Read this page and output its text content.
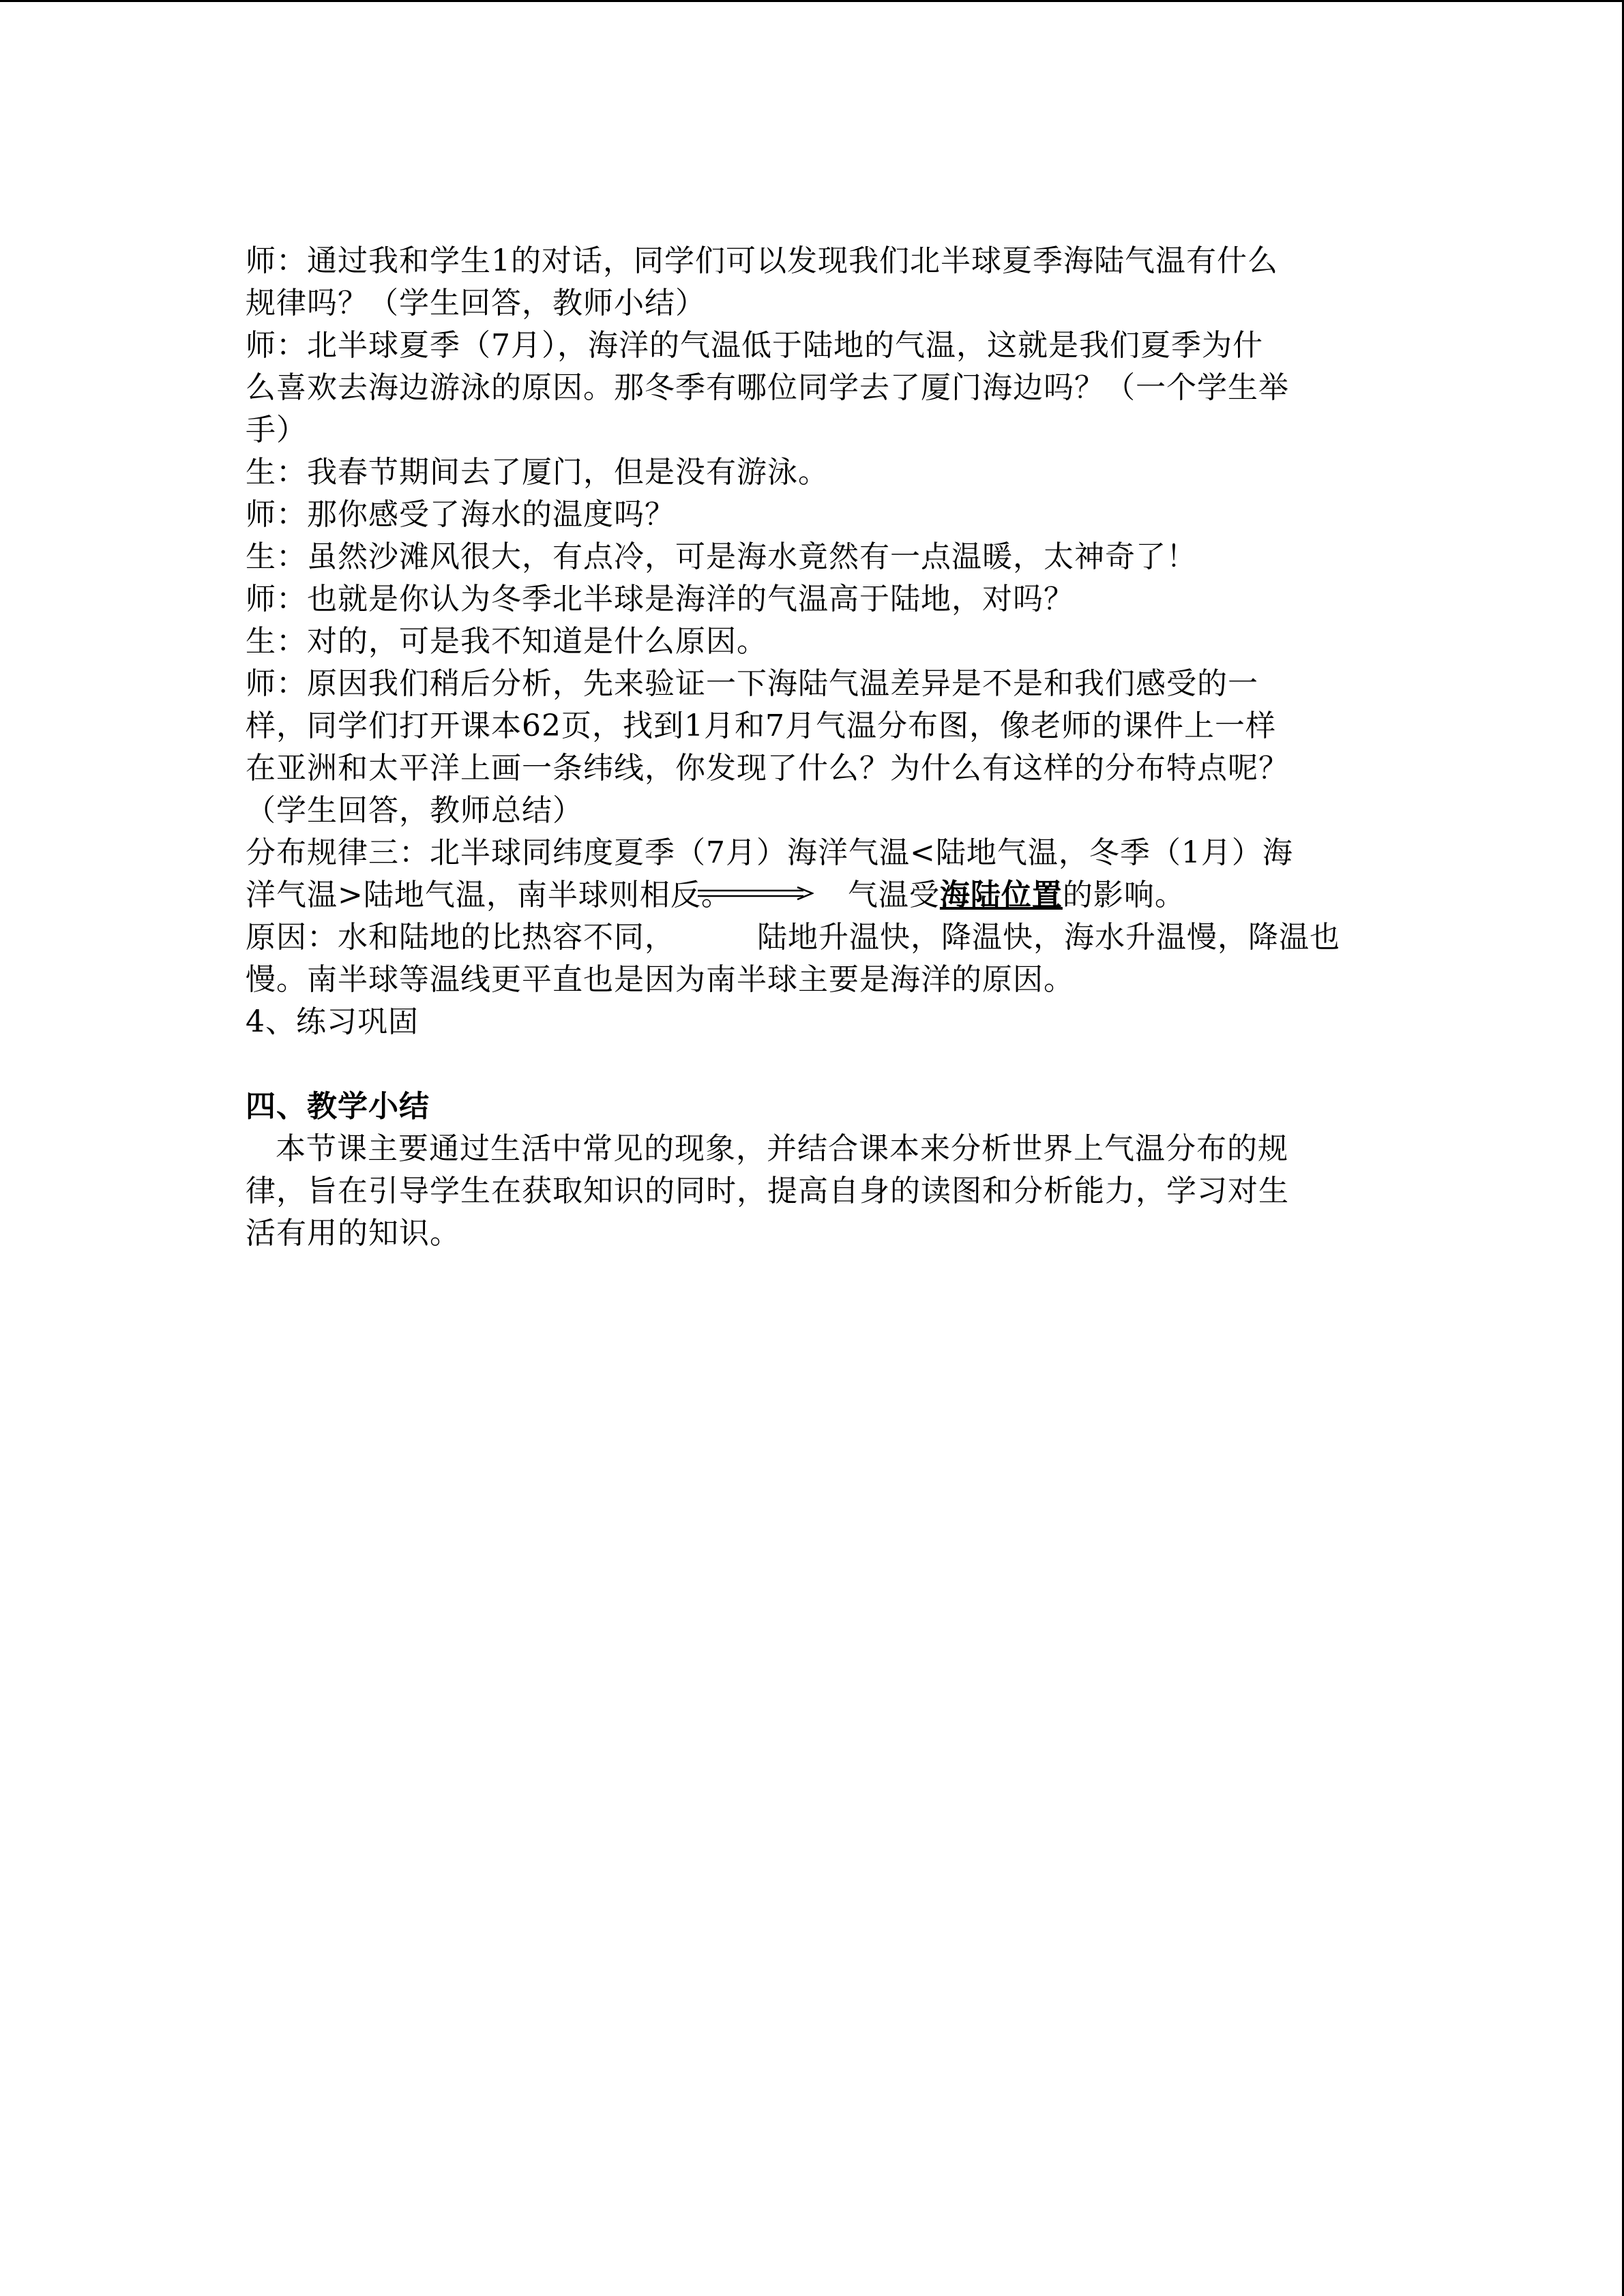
师：通过我和学生1的对话，同学们可以发现我们北半球夏季海陆气温有什么
规律吗？（学生回答，教师小结）

师：北半球夏季（7月），海洋的气温低于陆地的气温，这就是我们夏季为什
么喜欢去海边游泳的原因。那冬季有哪位同学去了厦门海边吗？（一个学生举
手）

生：我春节期间去了厦门，但是没有游泳。

师：那你感受了海水的温度吗？

生：虽然沙滩风很大，有点冷，可是海水竟然有一点温暖，太神奇了！

师：也就是你认为冬季北半球是海洋的气温高于陆地，对吗？

生：对的，可是我不知道是什么原因。

师：原因我们稍后分析，先来验证一下海陆气温差异是不是和我们感受的一
样，同学们打开课本62页，找到1月和7月气温分布图，像老师的课件上一样
在亚洲和太平洋上画一条纬线，你发现了什么？为什么有这样的分布特点呢？
（学生回答，教师总结）

分布规律三：北半球同纬度夏季（7月）海洋气温<陆地气温，冬季（1月）海
洋气温>陆地气温，南半球则相反。	气温受海陆位置的影响。

原因：水和陆地的比热容不同，	陆地升温快，降温快，海水升温慢，降温也
慢。南半球等温线更平直也是因为南半球主要是海洋的原因。

4、练习巩固

四、教学小结

本节课主要通过生活中常见的现象，并结合课本来分析世界上气温分布的规
律，旨在引导学生在获取知识的同时，提高自身的读图和分析能力，学习对生
活有用的知识。
